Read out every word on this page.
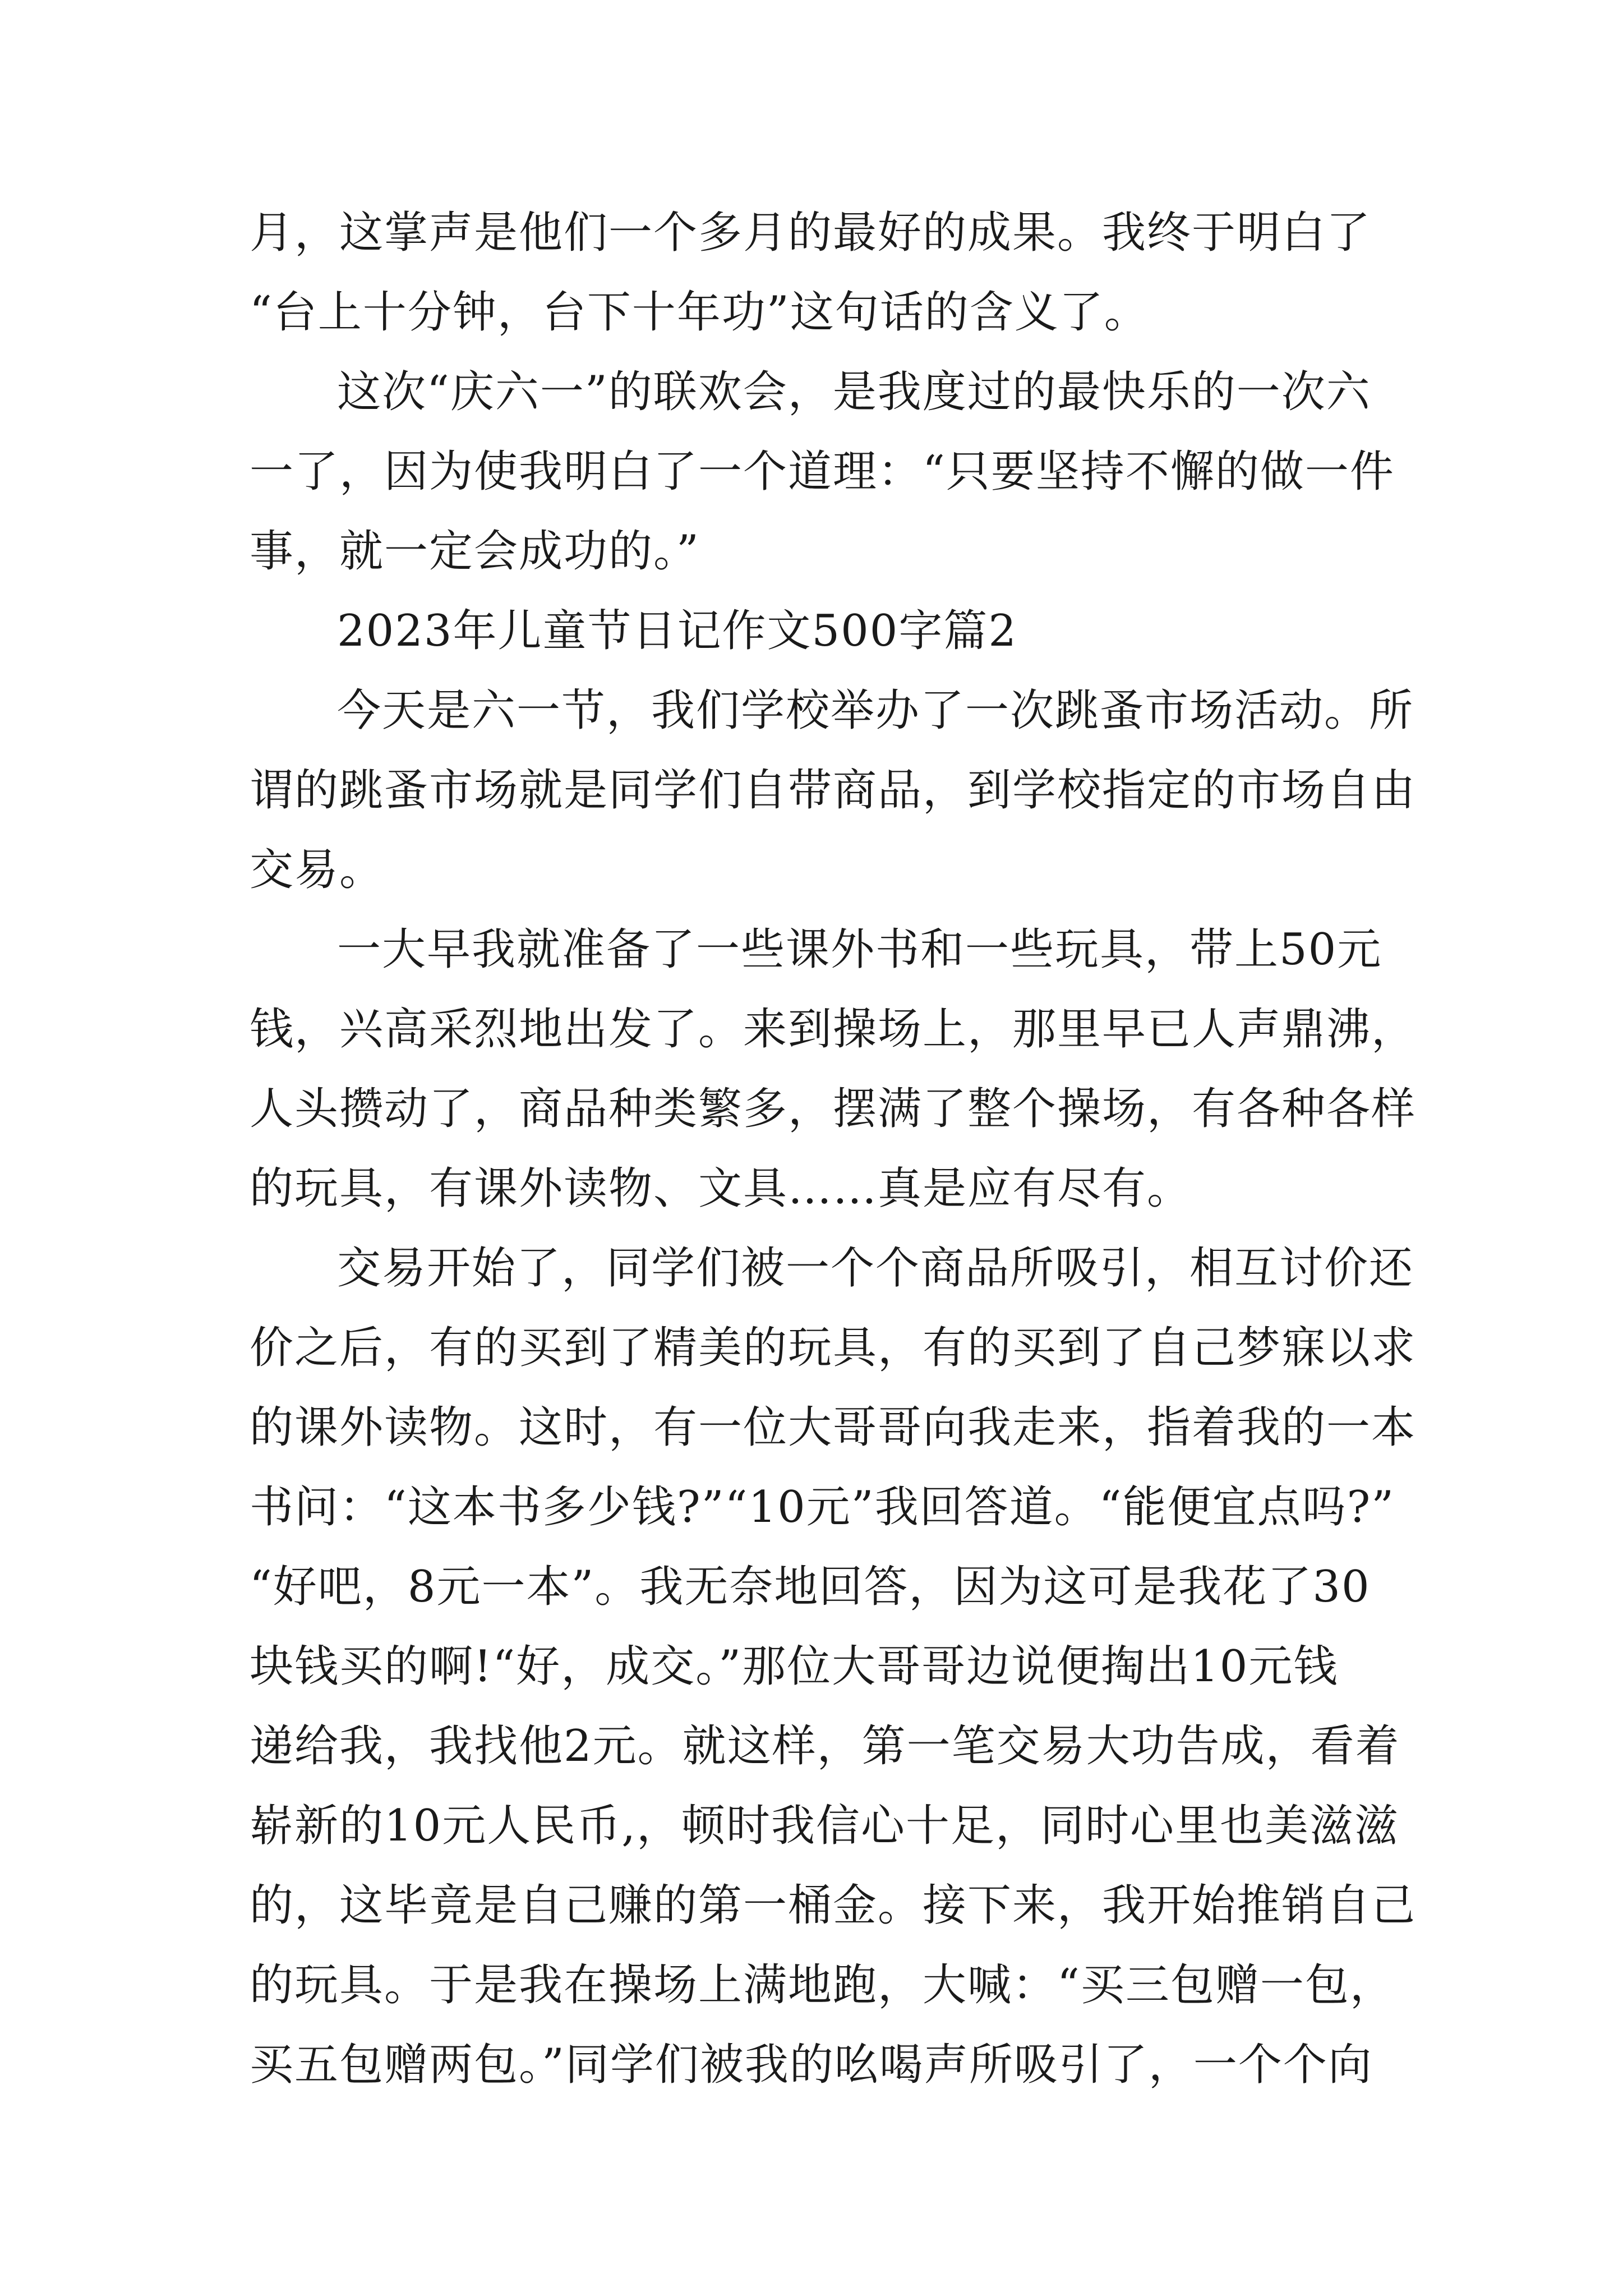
月，这掌声是他们一个多月的最好的成果。我终于明白了
“台上十分钟，台下十年功”这句话的含义了。
这次“庆六一”的联欢会，是我度过的最快乐的一次六
一了，因为使我明白了一个道理：“只要坚持不懈的做一件
事，就一定会成功的。”
2023年儿童节日记作文500字篇2
今天是六一节，我们学校举办了一次跳蚤市场活动。所
谓的跳蚤市场就是同学们自带商品，到学校指定的市场自由
交易。
一大早我就准备了一些课外书和一些玩具，带上50元
钱，兴高采烈地出发了。来到操场上，那里早已人声鼎沸，
人头攒动了，商品种类繁多，摆满了整个操场，有各种各样
的玩具，有课外读物、文具……真是应有尽有。
交易开始了，同学们被一个个商品所吸引，相互讨价还
价之后，有的买到了精美的玩具，有的买到了自己梦寐以求
的课外读物。这时，有一位大哥哥向我走来，指着我的一本
书问：“这本书多少钱?”“10元”我回答道。“能便宜点吗?”
“好吧，8元一本”。我无奈地回答，因为这可是我花了30
块钱买的啊!“好，成交。”那位大哥哥边说便掏出10元钱
递给我，我找他2元。就这样，第一笔交易大功告成，看着
崭新的10元人民币,，顿时我信心十足，同时心里也美滋滋
的，这毕竟是自己赚的第一桶金。接下来，我开始推销自己
的玩具。于是我在操场上满地跑，大喊：“买三包赠一包，
买五包赠两包。”同学们被我的吆喝声所吸引了，一个个向
